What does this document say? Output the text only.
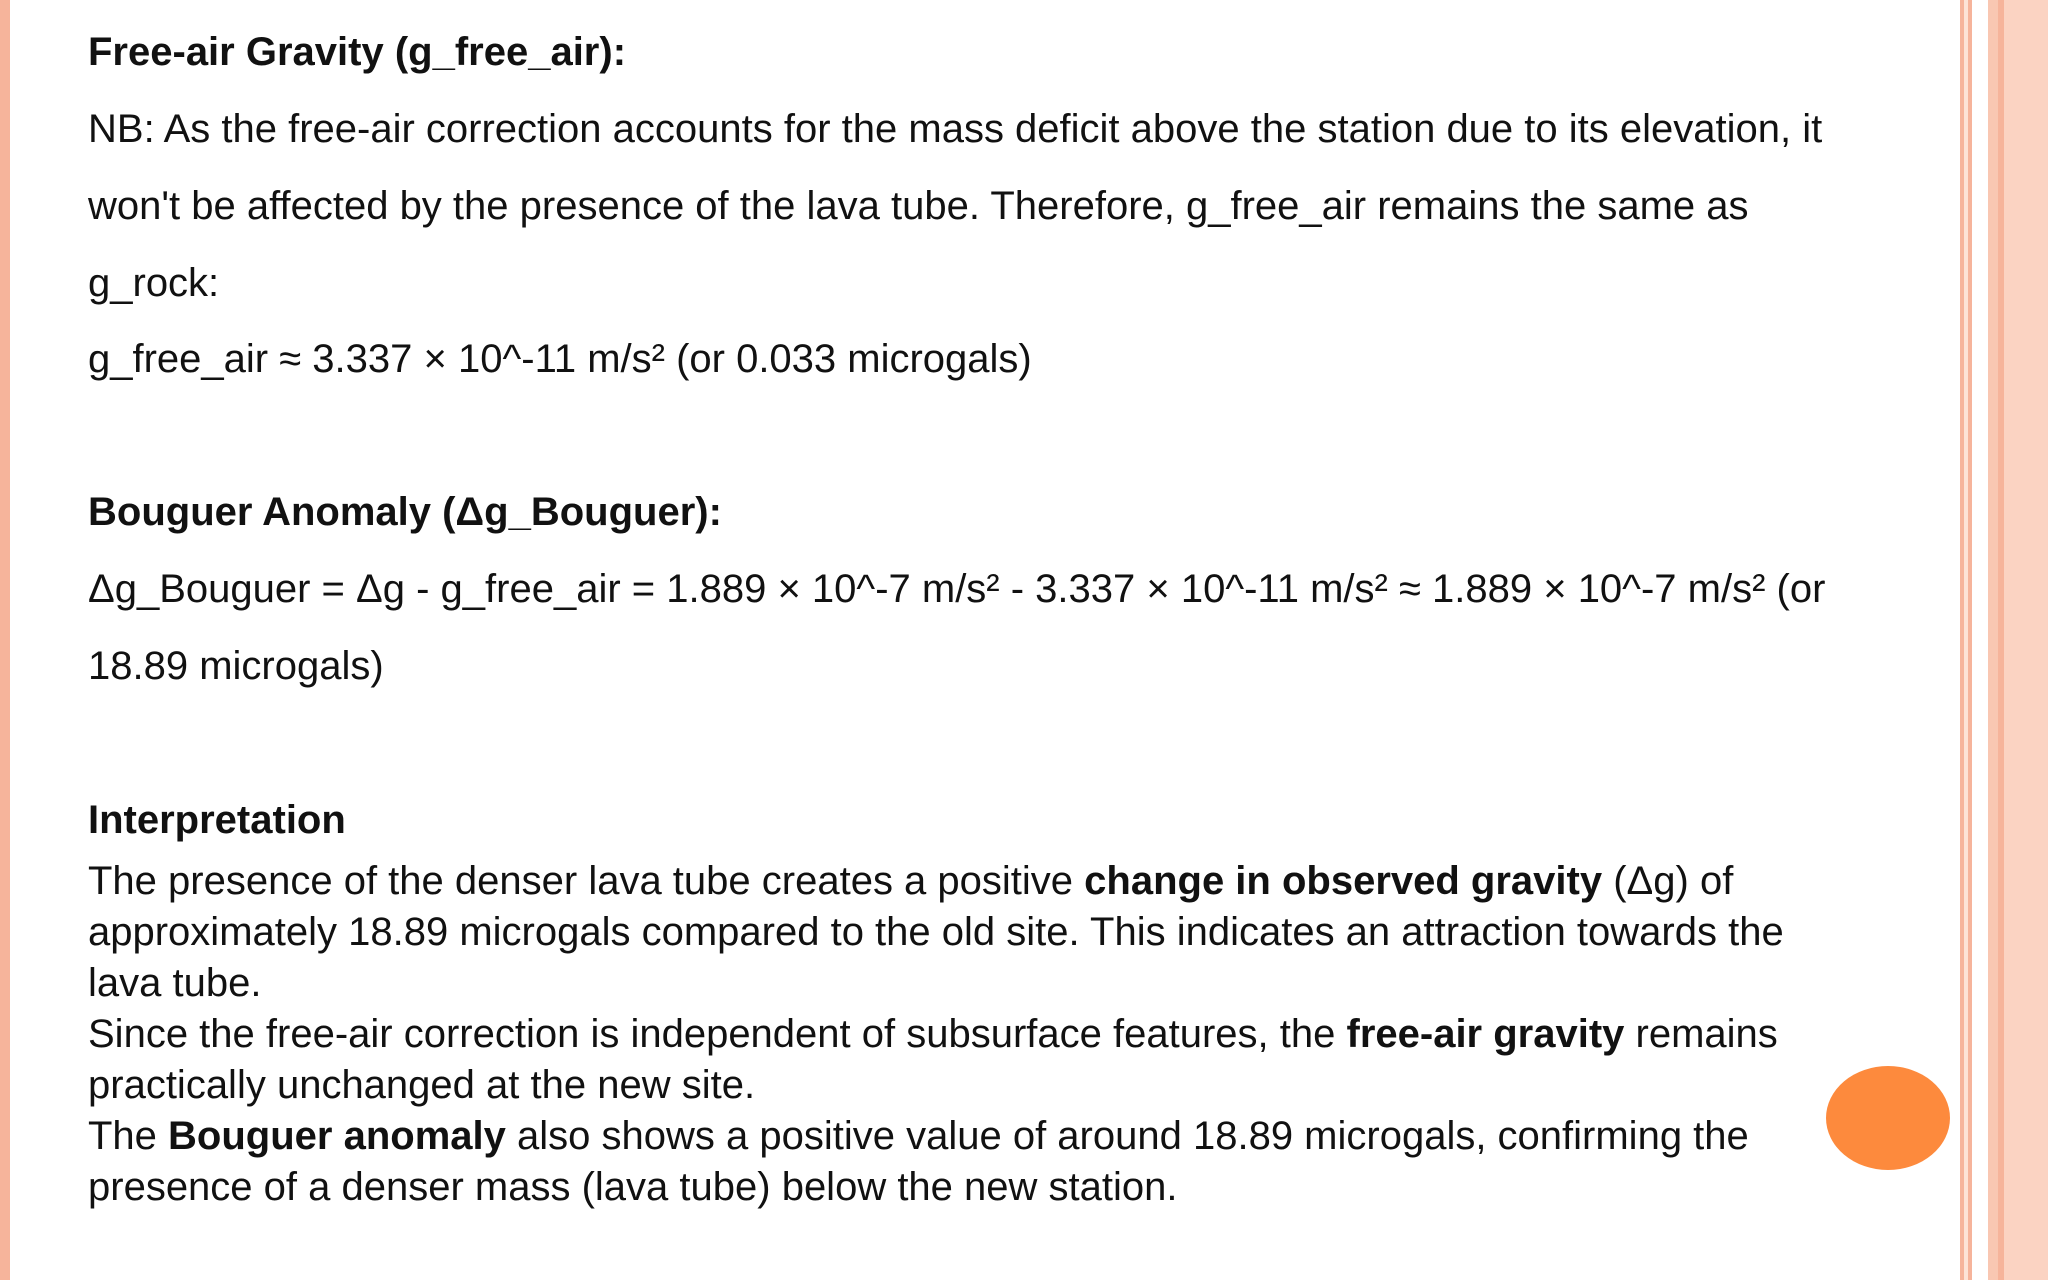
Free-air Gravity (g_free_air):
NB: As the free-air correction accounts for the mass deficit above the station due to its elevation, it
won't be affected by the presence of the lava tube. Therefore, g_free_air remains the same as
g_rock:
g_free_air ≈ 3.337 × 10^-11 m/s² (or 0.033 microgals)
Bouguer Anomaly (Δg_Bouguer):
Δg_Bouguer = Δg - g_free_air = 1.889 × 10^-7 m/s² - 3.337 × 10^-11 m/s² ≈ 1.889 × 10^-7 m/s² (or
18.89 microgals)
Interpretation
The presence of the denser lava tube creates a positive change in observed gravity (Δg) of
approximately 18.89 microgals compared to the old site. This indicates an attraction towards the
lava tube.
Since the free-air correction is independent of subsurface features, the free-air gravity remains
practically unchanged at the new site.
The Bouguer anomaly also shows a positive value of around 18.89 microgals, confirming the
presence of a denser mass (lava tube) below the new station.
